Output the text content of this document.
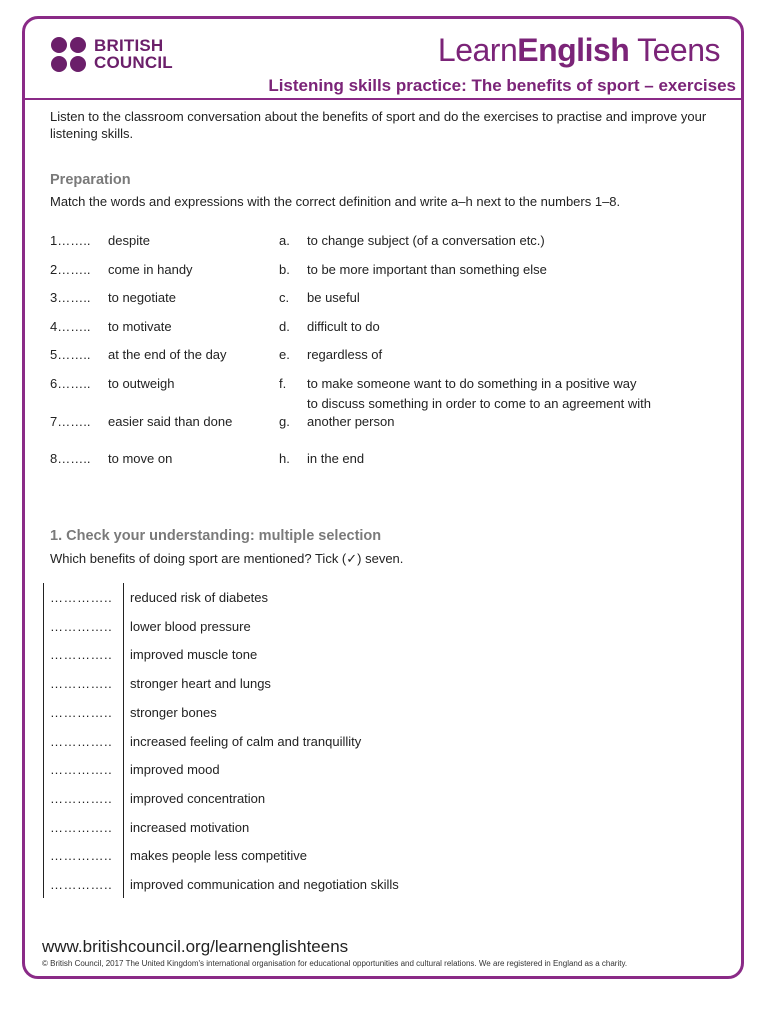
BRITISH
COUNCIL	LearnEnglish Teens
Listening skills practice: The benefits of sport – exercises
Listen to the classroom conversation about the benefits of sport and do the exercises to practise and improve your listening skills.
Preparation
Match the words and expressions with the correct definition and write a–h next to the numbers 1–8.
1…….. despite	a. to change subject (of a conversation etc.)
2…….. come in handy	b. to be more important than something else
3…….. to negotiate	c. be useful
4…….. to motivate	d. difficult to do
5…….. at the end of the day	e. regardless of
6…….. to outweigh	f. to make someone want to do something in a positive way
7…….. easier said than done	g.
to discuss something in order to come to an agreement with another person
8…….. to move on	h. in the end
1. Check your understanding: multiple selection
Which benefits of doing sport are mentioned? Tick (✓) seven.
………….. reduced risk of diabetes
………….. lower blood pressure
………….. improved muscle tone
………….. stronger heart and lungs
………….. stronger bones
………….. increased feeling of calm and tranquillity
………….. improved mood
………….. improved concentration
………….. increased motivation
………….. makes people less competitive
………….. improved communication and negotiation skills
www.britishcouncil.org/learnenglishteens
© British Council, 2017 The United Kingdom's international organisation for educational opportunities and cultural relations. We are registered in England as a charity.
